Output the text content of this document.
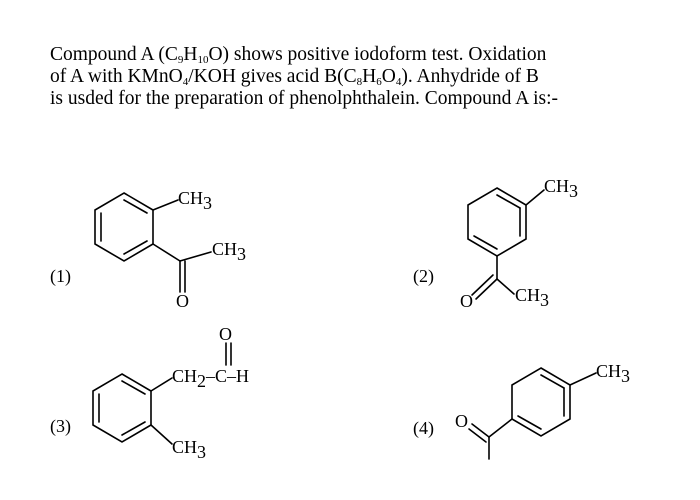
Compound A $(C_9H_{10}O)$ shows positive iodoform test. Oxidation
of A with KMnO$_4$/KOH gives acid $B(C_8H_6O_4)$. Anhydride of B
is usded for the preparation of phenolphthalein. Compound A is:-

(1)
CH3
CH3
O
(2)
CH3
CH3
O
(3)
O
CH2–C–H
CH3
(4)
CH3
O
